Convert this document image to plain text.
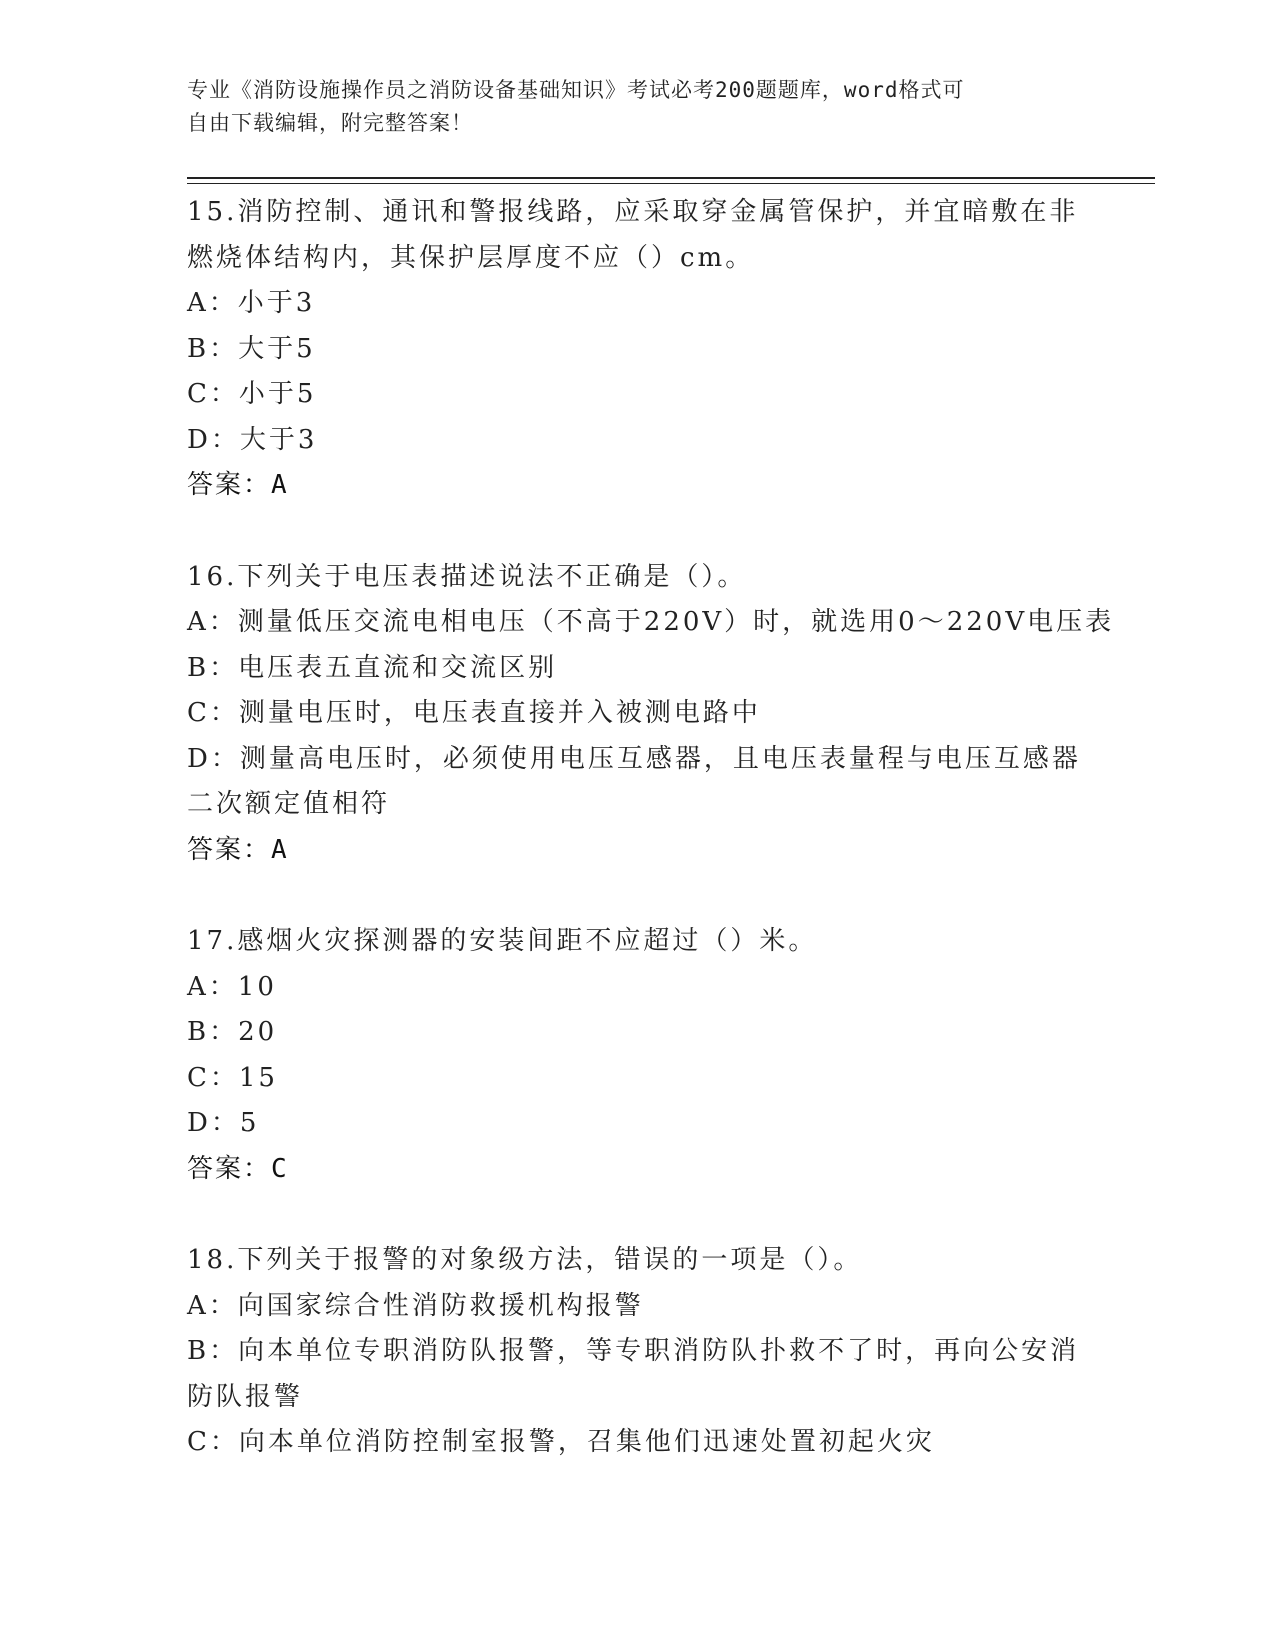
专业《消防设施操作员之消防设备基础知识》考试必考200题题库，word格式可
自由下载编辑，附完整答案！
15.消防控制、通讯和警报线路，应采取穿金属管保护，并宜暗敷在非
燃烧体结构内，其保护层厚度不应（）cm。
A：小于3
B：大于5
C：小于5
D：大于3
答案：A
16.下列关于电压表描述说法不正确是（）。
A：测量低压交流电相电压（不高于220V）时，就选用0～220V电压表
B：电压表五直流和交流区别
C：测量电压时，电压表直接并入被测电路中
D：测量高电压时，必须使用电压互感器，且电压表量程与电压互感器
二次额定值相符
答案：A
17.感烟火灾探测器的安装间距不应超过（）米。
A：10
B：20
C：15
D：5
答案：C
18.下列关于报警的对象级方法，错误的一项是（）。
A：向国家综合性消防救援机构报警
B：向本单位专职消防队报警，等专职消防队扑救不了时，再向公安消
防队报警
C：向本单位消防控制室报警，召集他们迅速处置初起火灾
